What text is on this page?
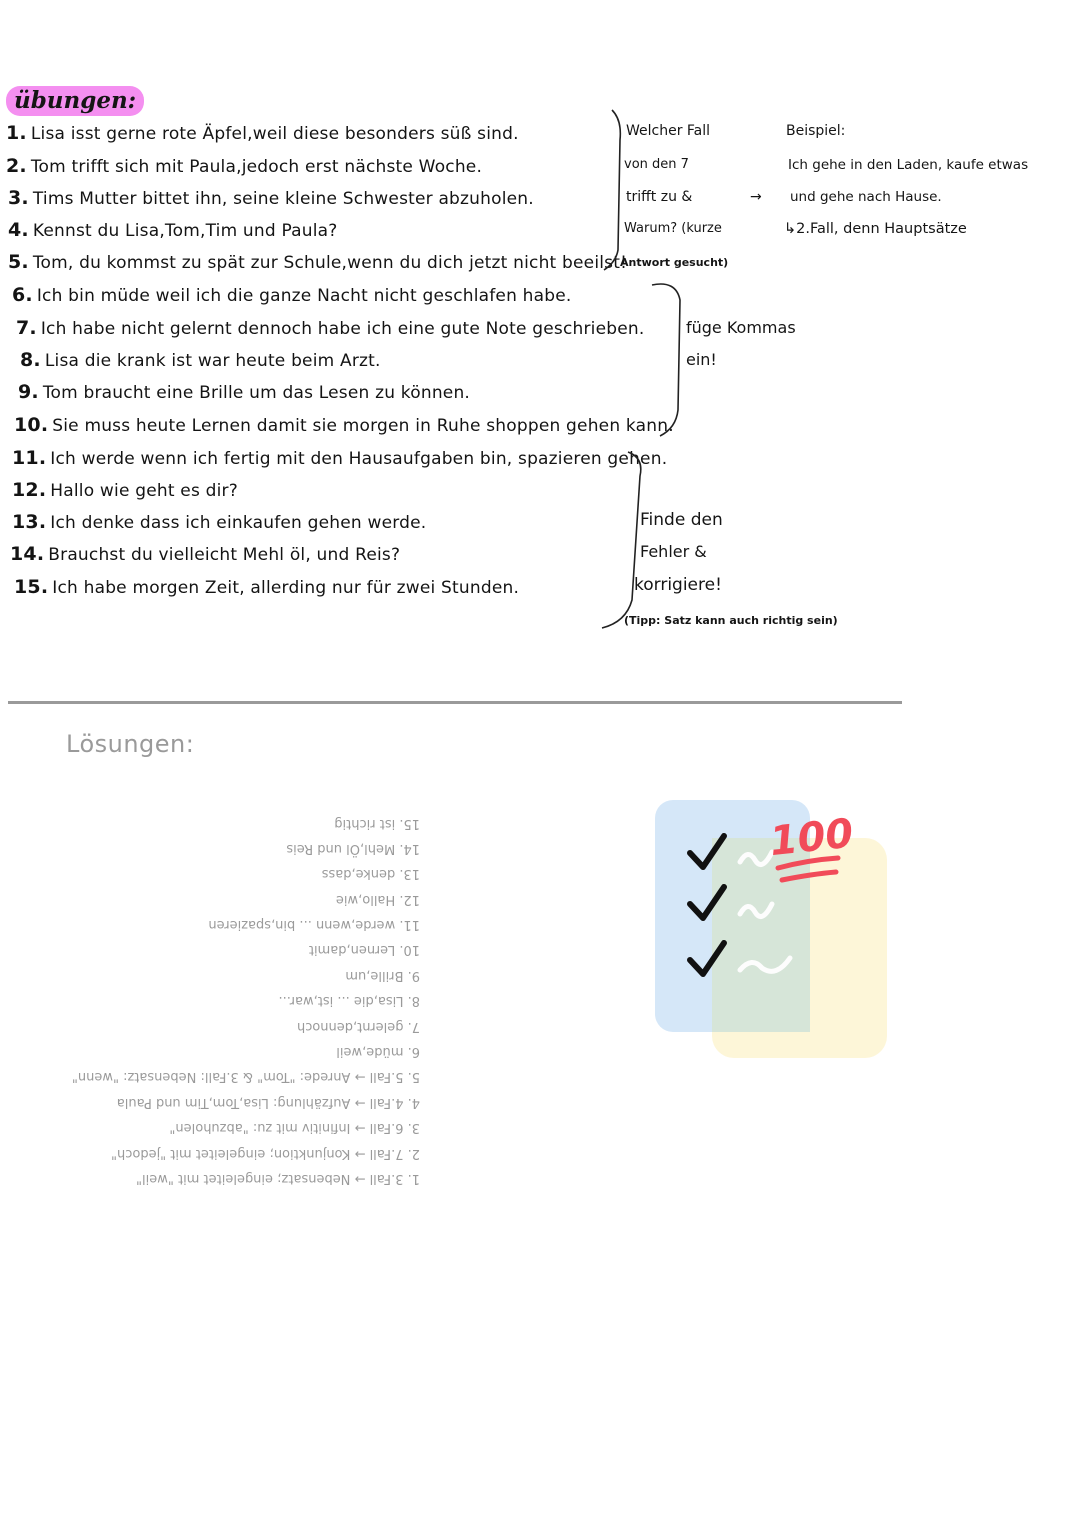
übungen:
1. Lisa isst gerne rote Äpfel,weil diese besonders süß sind.
2. Tom trifft sich mit Paula,jedoch erst nächste Woche.
3. Tims Mutter bittet ihn, seine kleine Schwester abzuholen.
4. Kennst du Lisa,Tom,Tim und Paula?
5. Tom, du kommst zu spät zur Schule,wenn du dich jetzt nicht beeilst!
6. Ich bin müde weil ich die ganze Nacht nicht geschlafen habe.
7. Ich habe nicht gelernt dennoch habe ich eine gute Note geschrieben.
8. Lisa die krank ist war heute beim Arzt.
9. Tom braucht eine Brille um das Lesen zu können.
10. Sie muss heute Lernen damit sie morgen in Ruhe shoppen gehen kann.
11. Ich werde wenn ich fertig mit den Hausaufgaben bin, spazieren gehen.
12. Hallo wie geht es dir?
13. Ich denke dass ich einkaufen gehen werde.
14. Brauchst du vielleicht Mehl öl, und Reis?
15. Ich habe morgen Zeit, allerding nur für zwei Stunden.
Welcher Fall
von den 7
trifft zu &
Warum? (kurze
Antwort gesucht)
→
Beispiel:
Ich gehe in den Laden, kaufe etwas
und gehe nach Hause.
↳2.Fall, denn Hauptsätze
füge Kommas
ein!
Finde den
Fehler &
korrigiere!
(Tipp: Satz kann auch richtig sein)
Lösungen:
1. 3.Fall → Nebensatz; eingeleitet mit "weil"
2. 7.Fall → Konjunktion; eingeleitet mit "jedoch"
3. 6.Fall → Infinitiv mit zu: "abzuholen"
4. 4.Fall → Aufzählung: Lisa,Tom,Tim und Paula
5. 5.Fall → Anrede: "Tom" & 3.Fall: Nebensatz: "wenn"
6. müde,weil
7. gelernt,dennoch
8. Lisa,die ... ist,war...
9. Brille,um
10. Lernen,damit
11. werde,wenn ... bin,spazieren
12. Hallo,wie
13. denke,dass
14. Mehl,Öl und Reis
15. ist richtig	100
